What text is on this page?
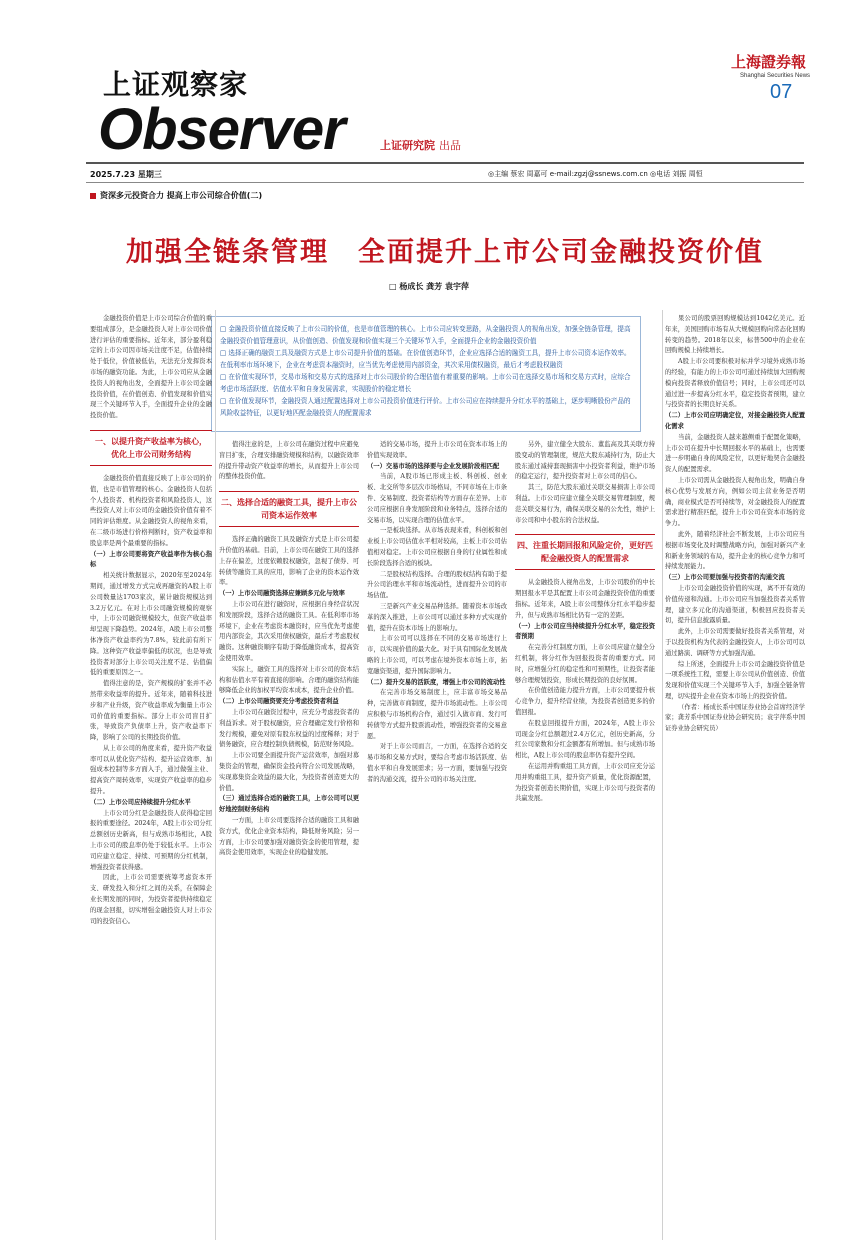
上证观察家
Observer	上证研究院 出品
上海證券報
Shanghai Securities News
07
2025.7.23 星期三	◎主编 蔡宏 周嘉可 e-mail:zgzj@ssnews.com.cn ◎电话 刘振 周恒
资深多元投资合力 提高上市公司综合价值(二)
加强全链条管理　全面提升上市公司金融投资价值
□ 杨成长 龚芳 袁宇萍

□ 金融投资价值直接反映了上市公司的价值，也是市值管理的核心。上市公司应转变思路，从金融投资人的视角出发，加强全链条管理，提高金融投资价值管理意识，从价值创造、价值发现和价值实现三个关键环节入手，全面提升企业的金融投资价值

□ 选择正确的融资工具及融资方式是上市公司提升价值的基础。在价值创造环节，企业应选择合适的融资工具，提升上市公司资本运作效率。在低利率市场环境下，企业在考虑资本融资时，应当优先考虑使用内部资金，其次采用债权融资，最后才考虑股权融资

□ 在价值实现环节，交易市场和交易方式的选择对上市公司股价的合理估值有着重要的影响。上市公司在选择交易市场和交易方式时，应综合考虑市场活跃度、估值水平和自身发展需求，实现股价的稳定增长

□ 在价值发现环节，金融投资人通过配置选择对上市公司投资价值进行评价。上市公司应在持续提升分红水平的基础上，逐步明晰股份产品的风险收益特征，以更好地匹配金融投资人的配置需求

金融投资价值是上市公司综合价值的重要组成部分，是金融投资人对上市公司价值进行评估的重要指标。近年来，部分盈利稳定的上市公司因市场关注度不足，估值持续处于低位，价值被低估，无法充分发挥资本市场的融资功能。为此，上市公司应从金融投资人的视角出发，全面提升上市公司金融投资价值，在价值创造、价值发现和价值实现三个关键环节入手，全面提升企业的金融投资价值。

一、以提升资产收益率为核心，优化上市公司财务结构

金融投资价值直接反映了上市公司的价值，也是市值管理的核心。金融投资人包括个人投资者、机构投资者和风险投资人，这些投资人对上市公司的金融投资价值有着不同的评估维度。从金融投资人的视角来看，在二级市场进行价格判断时，资产收益率和股息率是两个最重要的指标。

（一）上市公司要将资产收益率作为核心指标

相关统计数据显示，2020年至2024年期间，通过增发方式完成再融资的A股上市公司数量达1703家次，累计融资规模达到3.2万亿元。在对上市公司融资规模的观察中，上市公司融资规模较大，但资产收益率却呈现下降趋势。2024年，A股上市公司整体净资产收益率约为7.8%，较此前有所下降。这种资产收益率偏低的状况，也是导致投资者对部分上市公司关注度不足、估值偏低的重要原因之一。

值得注意的是，资产规模的扩张并不必然带来收益率的提升。近年来，随着科技进步和产业升级，资产收益率成为衡量上市公司价值的重要指标。部分上市公司盲目扩张，导致资产负债率上升，资产收益率下降，影响了公司的长期投资价值。

从上市公司的角度来看，提升资产收益率可以从优化资产结构、提升运营效率、加强成本控制等多方面入手，通过做强主业、提高资产周转效率，实现资产收益率的稳步提升。

（二）上市公司应持续提升分红水平

上市公司分红是金融投资人获得稳定回报的重要途径。2024年，A股上市公司分红总额创历史新高，但与成熟市场相比，A股上市公司的股息率仍处于较低水平。上市公司应建立稳定、持续、可预期的分红机制，增强投资者获得感。

因此，上市公司需要统筹考虑资本开支、研发投入和分红之间的关系，在保障企业长期发展的同时，为投资者提供持续稳定的现金回报，切实增强金融投资人对上市公司的投资信心。

值得注意的是，上市公司在融资过程中应避免盲目扩张，合理安排融资规模和结构，以融资效率的提升带动资产收益率的增长，从而提升上市公司的整体投资价值。

二、选择合适的融资工具，提升上市公司资本运作效率

选择正确的融资工具及融资方式是上市公司提升价值的基础。目前，上市公司在融资工具的选择上存在偏差，过度依赖股权融资，忽视了债券、可转债等融资工具的应用，影响了企业的资本运作效率。

（一）上市公司融资选择应兼顾多元化与效率

上市公司在进行融资时，应根据自身经营状况和发展阶段，选择合适的融资工具。在低利率市场环境下，企业在考虑资本融资时，应当优先考虑使用内部资金，其次采用债权融资，最后才考虑股权融资。这种融资顺序有助于降低融资成本，提高资金使用效率。

实际上，融资工具的选择对上市公司的资本结构和估值水平有着直接的影响。合理的融资结构能够降低企业的加权平均资本成本，提升企业价值。

（二）上市公司融资要充分考虑投资者利益

上市公司在融资过程中，应充分考虑投资者的利益诉求。对于股权融资，应合理确定发行价格和发行规模，避免对原有股东权益的过度稀释；对于债务融资，应合理控制负债规模，防范财务风险。

上市公司要全面提升资产运营效率，加强对募集资金的管理，确保资金投向符合公司发展战略，实现募集资金效益的最大化，为投资者创造更大的价值。

（三）通过选择合适的融资工具，上市公司可以更好地控制财务结构

一方面，上市公司要选择合适的融资工具和融资方式，优化企业资本结构，降低财务风险；另一方面，上市公司要加强对融资资金的使用管理，提高资金使用效率，实现企业的稳健发展。

适的交易市场，提升上市公司在资本市场上的价值实现效率。

（一）交易市场的选择要与企业发展阶段相匹配

当前，A股市场已形成主板、科创板、创业板、北交所等多层次市场格局，不同市场在上市条件、交易制度、投资者结构等方面存在差异。上市公司应根据自身发展阶段和业务特点，选择合适的交易市场，以实现合理的估值水平。

一是板块选择。从市场表现来看，科创板和创业板上市公司估值水平相对较高，主板上市公司估值相对稳定。上市公司应根据自身的行业属性和成长阶段选择合适的板块。

二是股权结构选择。合理的股权结构有助于提升公司治理水平和市场流动性，进而提升公司的市场估值。

三是新兴产业交易品种选择。随着资本市场改革的深入推进，上市公司可以通过多种方式实现价值，提升在资本市场上的影响力。

上市公司可以选择在不同的交易市场进行上市，以实现价值的最大化。对于具有国际化发展战略的上市公司，可以考虑在境外资本市场上市，拓宽融资渠道，提升国际影响力。

（二）提升交易的活跃度，增强上市公司的流动性

在完善市场交易制度上，应丰富市场交易品种，完善做市商制度，提升市场流动性。上市公司应积极与市场机构合作，通过引入做市商、发行可转债等方式提升股票流动性，增强投资者的交易意愿。

对于上市公司而言，一方面，在选择合适的交易市场和交易方式时，要综合考虑市场活跃度、估值水平和自身发展需求；另一方面，要加强与投资者的沟通交流，提升公司的市场关注度。

另外，建立健全大股东、董监高及其关联方持股变动的管理制度，规范大股东减持行为，防止大股东通过减持套现损害中小投资者利益，维护市场的稳定运行，提升投资者对上市公司的信心。

其三，防范大股东通过关联交易损害上市公司利益。上市公司应建立健全关联交易管理制度，规范关联交易行为，确保关联交易的公允性，维护上市公司和中小股东的合法权益。

四、注重长期回报和风险定价，更好匹配金融投资人的配置需求

从金融投资人视角出发，上市公司股价的中长期回报水平是其配置上市公司金融投资价值的重要指标。近年来，A股上市公司整体分红水平稳步提升，但与成熟市场相比仍有一定的差距。

（一）上市公司应当持续提升分红水平，稳定投资者预期

在完善分红制度方面，上市公司应建立健全分红机制，将分红作为回报投资者的重要方式。同时，应增强分红的稳定性和可预期性，让投资者能够合理规划投资，形成长期投资的良好氛围。

在价值创造能力提升方面，上市公司要提升核心竞争力，提升经营业绩，为投资者创造更多的价值回报。

在股息回报提升方面，2024年，A股上市公司现金分红总额超过2.4万亿元，创历史新高，分红公司家数和分红金额都有所增加。但与成熟市场相比，A股上市公司的股息率仍有提升空间。

在运用并购重组工具方面，上市公司应充分运用并购重组工具，提升资产质量，优化资源配置，为投资者创造长期价值，实现上市公司与投资者的共赢发展。

果公司的股票回购规模达到1042亿美元。近年来，美国回购市场有从大规模回购向常态化回购转变的趋势。2018年以来，标普500中的企业在回购规模上持续增长。

A股上市公司要积极对标并学习境外成熟市场的经验，有能力的上市公司可通过持续加大回购规模向投资者释放价值信号；同时，上市公司还可以通过进一步提高分红水平，稳定投资者预期，建立与投资者的长期良好关系。

（二）上市公司应明确定位，对接金融投资人配置化需求

当前，金融投资人越来越侧重于配置化策略，上市公司在提升中长期回报水平的基础上，也需要进一步明确自身的风险定位，以更好地契合金融投资人的配置需求。

上市公司需从金融投资人视角出发，明确自身核心优势与发展方向，例如公司主营业务是否明确，商业模式是否可持续等，对金融投资人的配置需求进行精准匹配，提升上市公司在资本市场的竞争力。

此外，随着经济社会不断发展，上市公司应当根据市场变化及时调整战略方向，加强对新兴产业和新业务领域的布局，提升企业的核心竞争力和可持续发展能力。

（三）上市公司要加强与投资者的沟通交流

上市公司金融投资价值的实现，离不开有效的价值传递和沟通。上市公司应当加强投资者关系管理，建立多元化的沟通渠道，积极回应投资者关切，提升信息披露质量。

此外，上市公司需要做好投资者关系管理，对于以投资机构为代表的金融投资人，上市公司可以通过路演、调研等方式加强沟通。

综上所述，全面提升上市公司金融投资价值是一项系统性工程，需要上市公司从价值创造、价值发现和价值实现三个关键环节入手，加强全链条管理，切实提升企业在资本市场上的投资价值。

（作者：杨成长系中国证券业协会首席经济学家；龚芳系中国证券业协会研究员；袁宇萍系中国证券业协会研究员）
